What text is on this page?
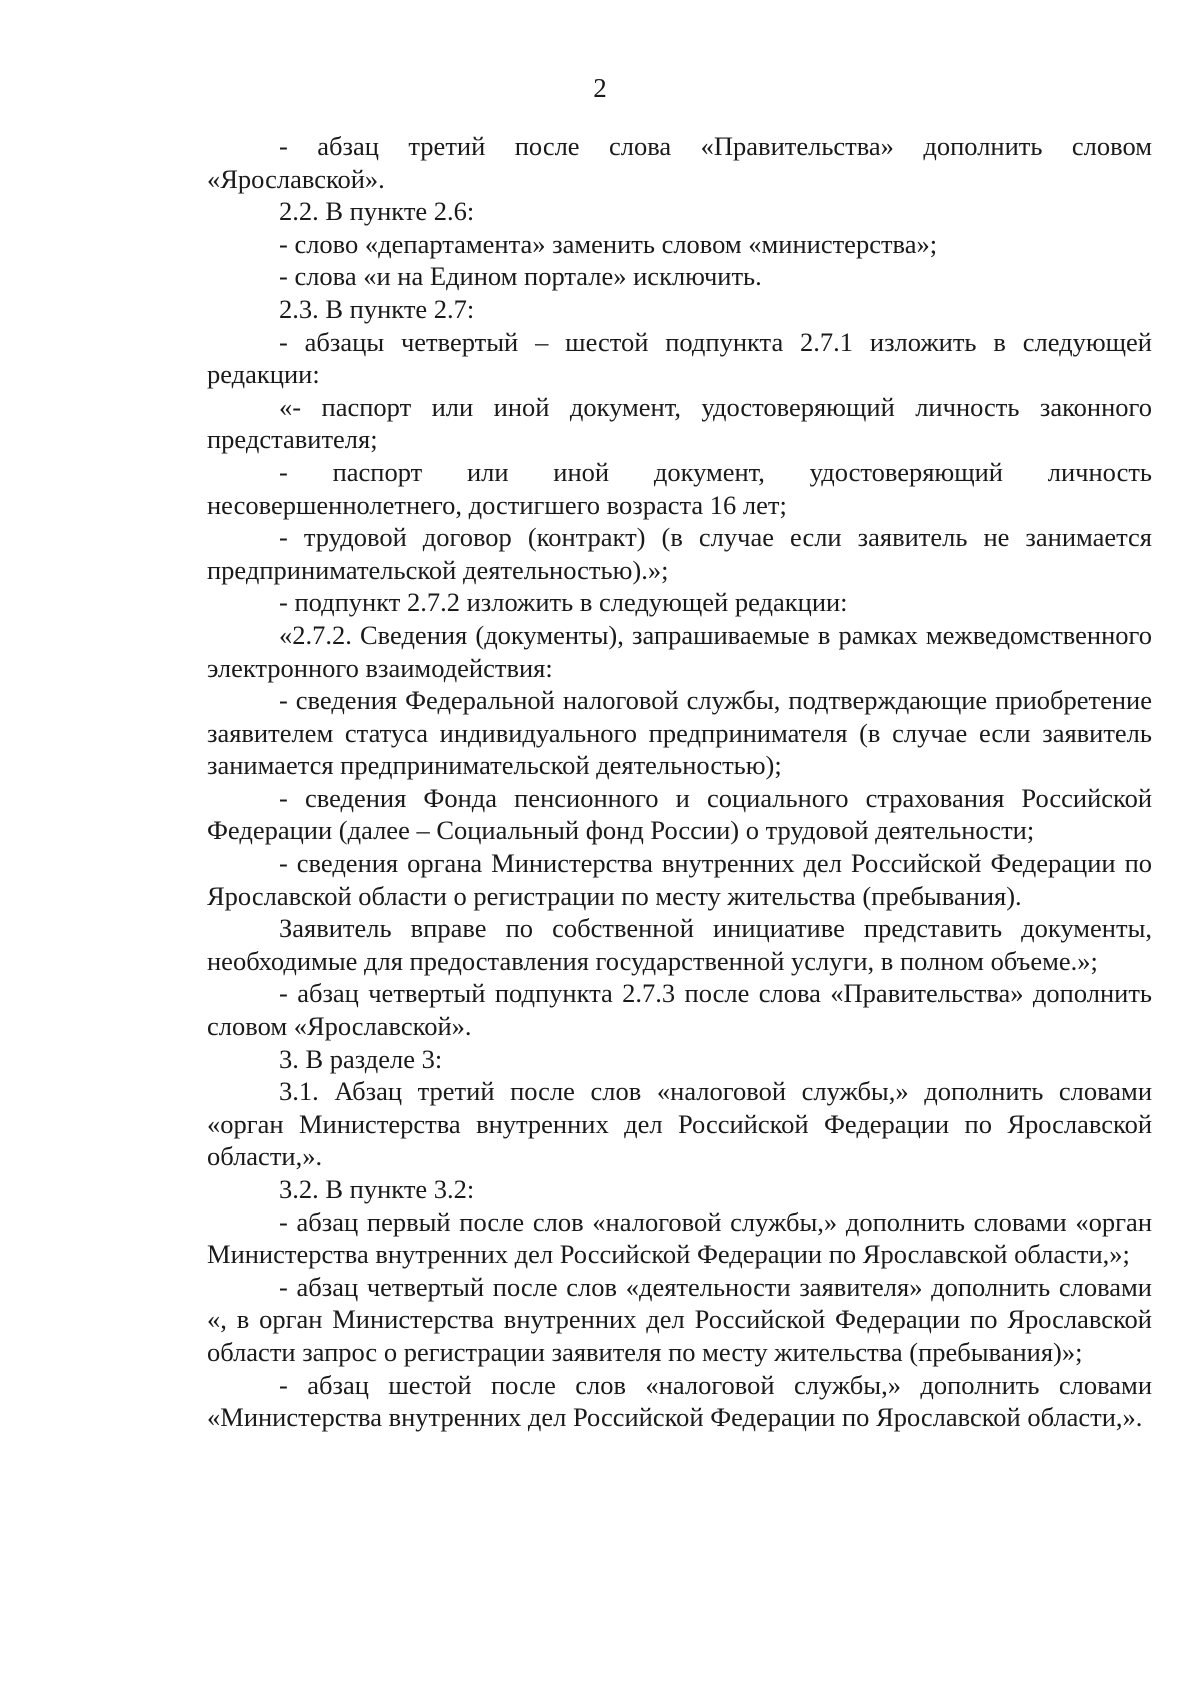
2

- абзац третий после слова «Правительства» дополнить словом «Ярославской».

2.2. В пункте 2.6:

- слово «департамента» заменить словом «министерства»;

- слова «и на Едином портале» исключить.

2.3. В пункте 2.7:

- абзацы четвертый – шестой подпункта 2.7.1 изложить в следующей редакции:

«- паспорт или иной документ, удостоверяющий личность законного представителя;

- паспорт или иной документ, удостоверяющий личность несовершеннолетнего, достигшего возраста 16 лет;

- трудовой договор (контракт) (в случае если заявитель не занимается предпринимательской деятельностью).»;

- подпункт 2.7.2 изложить в следующей редакции:

«2.7.2. Сведения (документы), запрашиваемые в рамках межведомственного электронного взаимодействия:

- сведения Федеральной налоговой службы, подтверждающие приобретение заявителем статуса индивидуального предпринимателя (в случае если заявитель занимается предпринимательской деятельностью);

- сведения Фонда пенсионного и социального страхования Российской Федерации (далее – Социальный фонд России) о трудовой деятельности;

- сведения органа Министерства внутренних дел Российской Федерации по Ярославской области о регистрации по месту жительства (пребывания).

Заявитель вправе по собственной инициативе представить документы, необходимые для предоставления государственной услуги, в полном объеме.»;

- абзац четвертый подпункта 2.7.3 после слова «Правительства» дополнить словом «Ярославской».

3. В разделе 3:

3.1. Абзац третий после слов «налоговой службы,» дополнить словами «орган Министерства внутренних дел Российской Федерации по Ярославской области,».

3.2. В пункте 3.2:

- абзац первый после слов «налоговой службы,» дополнить словами «орган Министерства внутренних дел Российской Федерации по Ярославской области,»;

- абзац четвертый после слов «деятельности заявителя» дополнить словами «, в орган Министерства внутренних дел Российской Федерации по Ярославской области запрос о регистрации заявителя по месту жительства (пребывания)»;

- абзац шестой после слов «налоговой службы,» дополнить словами «Министерства внутренних дел Российской Федерации по Ярославской области,».
